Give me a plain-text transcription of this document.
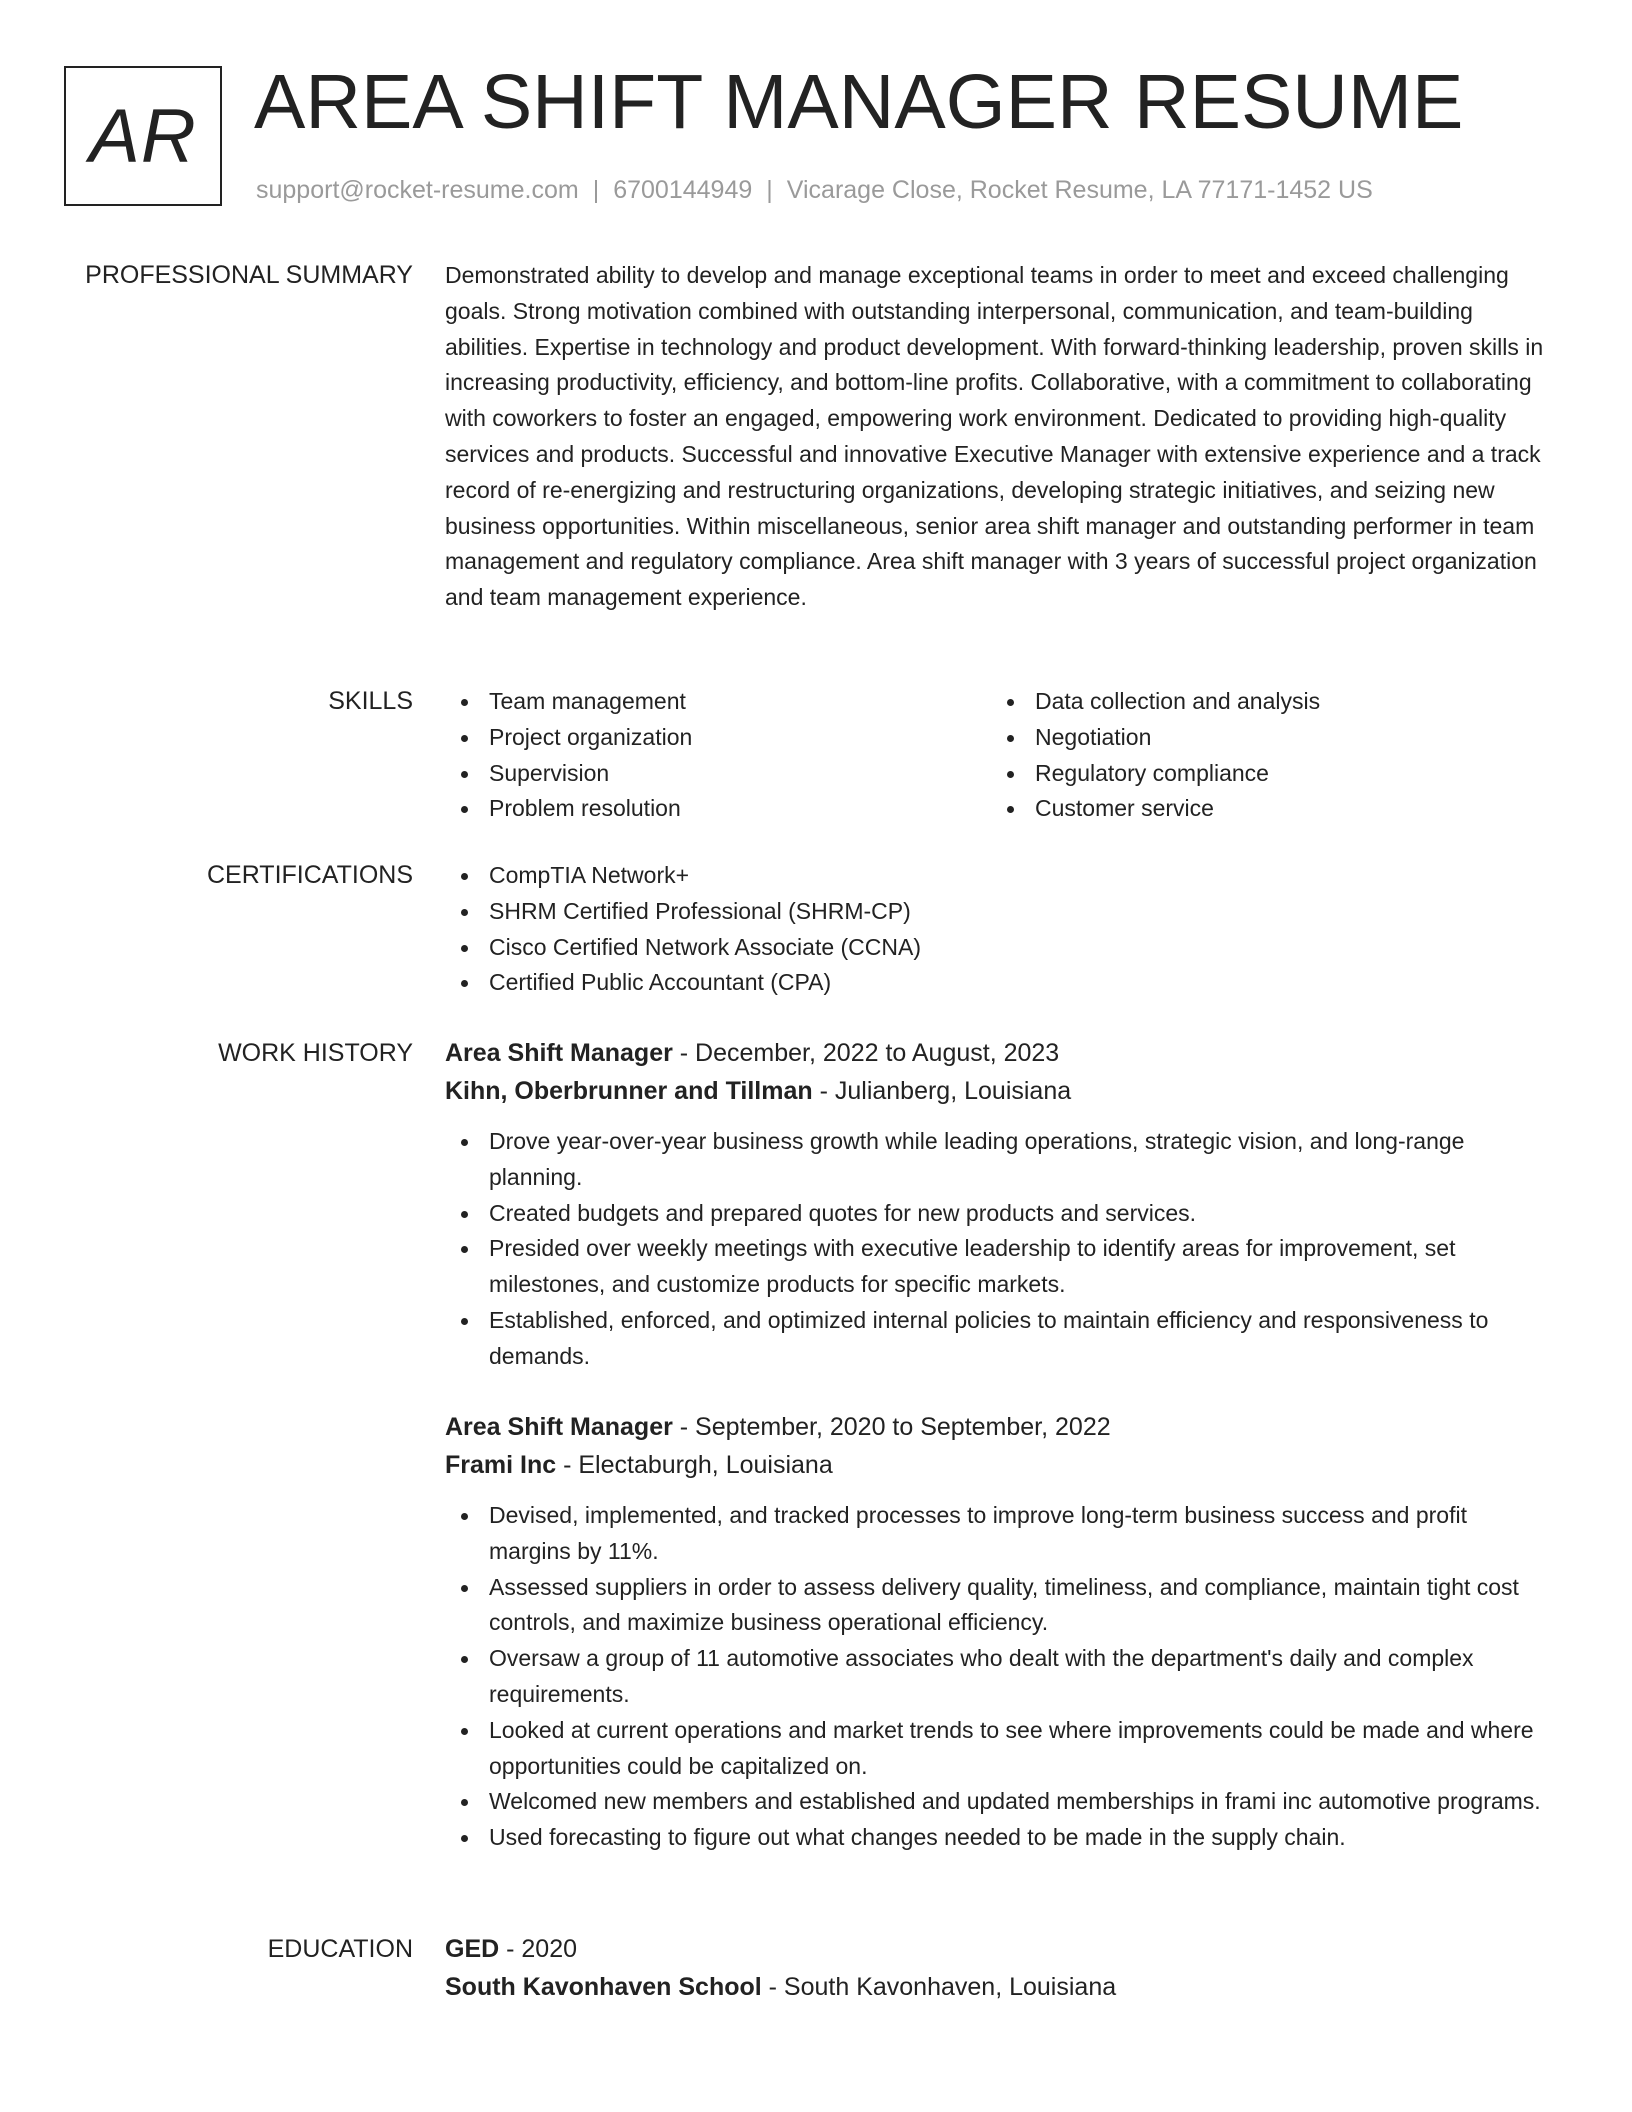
AR AREA SHIFT MANAGER RESUME
support@rocket-resume.com | 6700144949 | Vicarage Close, Rocket Resume, LA 77171-1452 US
PROFESSIONAL SUMMARY Demonstrated ability to develop and manage exceptional teams in order to meet and exceed challenging goals. Strong motivation combined with outstanding interpersonal, communication, and team-building abilities. Expertise in technology and product development. With forward-thinking leadership, proven skills in increasing productivity, efficiency, and bottom-line profits. Collaborative, with a commitment to collaborating with coworkers to foster an engaged, empowering work environment. Dedicated to providing high-quality services and products. Successful and innovative Executive Manager with extensive experience and a track record of re-energizing and restructuring organizations, developing strategic initiatives, and seizing new business opportunities. Within miscellaneous, senior area shift manager and outstanding performer in team management and regulatory compliance. Area shift manager with 3 years of successful project organization and team management experience.

SKILLS	Team management
Project organization
Supervision
Problem resolution
Data collection and analysis
Negotiation
Regulatory compliance
Customer service
CERTIFICATIONS	CompTIA Network+
SHRM Certified Professional (SHRM-CP)
Cisco Certified Network Associate (CCNA)
Certified Public Accountant (CPA)
WORK HISTORY Area Shift Manager - December, 2022 to August, 2023
Kihn, Oberbrunner and Tillman - Julianberg, Louisiana
Drove year-over-year business growth while leading operations, strategic vision, and long-range planning.
Created budgets and prepared quotes for new products and services.
Presided over weekly meetings with executive leadership to identify areas for improvement, set milestones, and customize products for specific markets.
Established, enforced, and optimized internal policies to maintain efficiency and responsiveness to demands.
Area Shift Manager - September, 2020 to September, 2022
Frami Inc - Electaburgh, Louisiana
Devised, implemented, and tracked processes to improve long-term business success and profit margins by 11%.
Assessed suppliers in order to assess delivery quality, timeliness, and compliance, maintain tight cost controls, and maximize business operational efficiency.
Oversaw a group of 11 automotive associates who dealt with the department's daily and complex requirements.
Looked at current operations and market trends to see where improvements could be made and where opportunities could be capitalized on.
Welcomed new members and established and updated memberships in frami inc automotive programs.
Used forecasting to figure out what changes needed to be made in the supply chain.
EDUCATION GED - 2020
South Kavonhaven School - South Kavonhaven, Louisiana
